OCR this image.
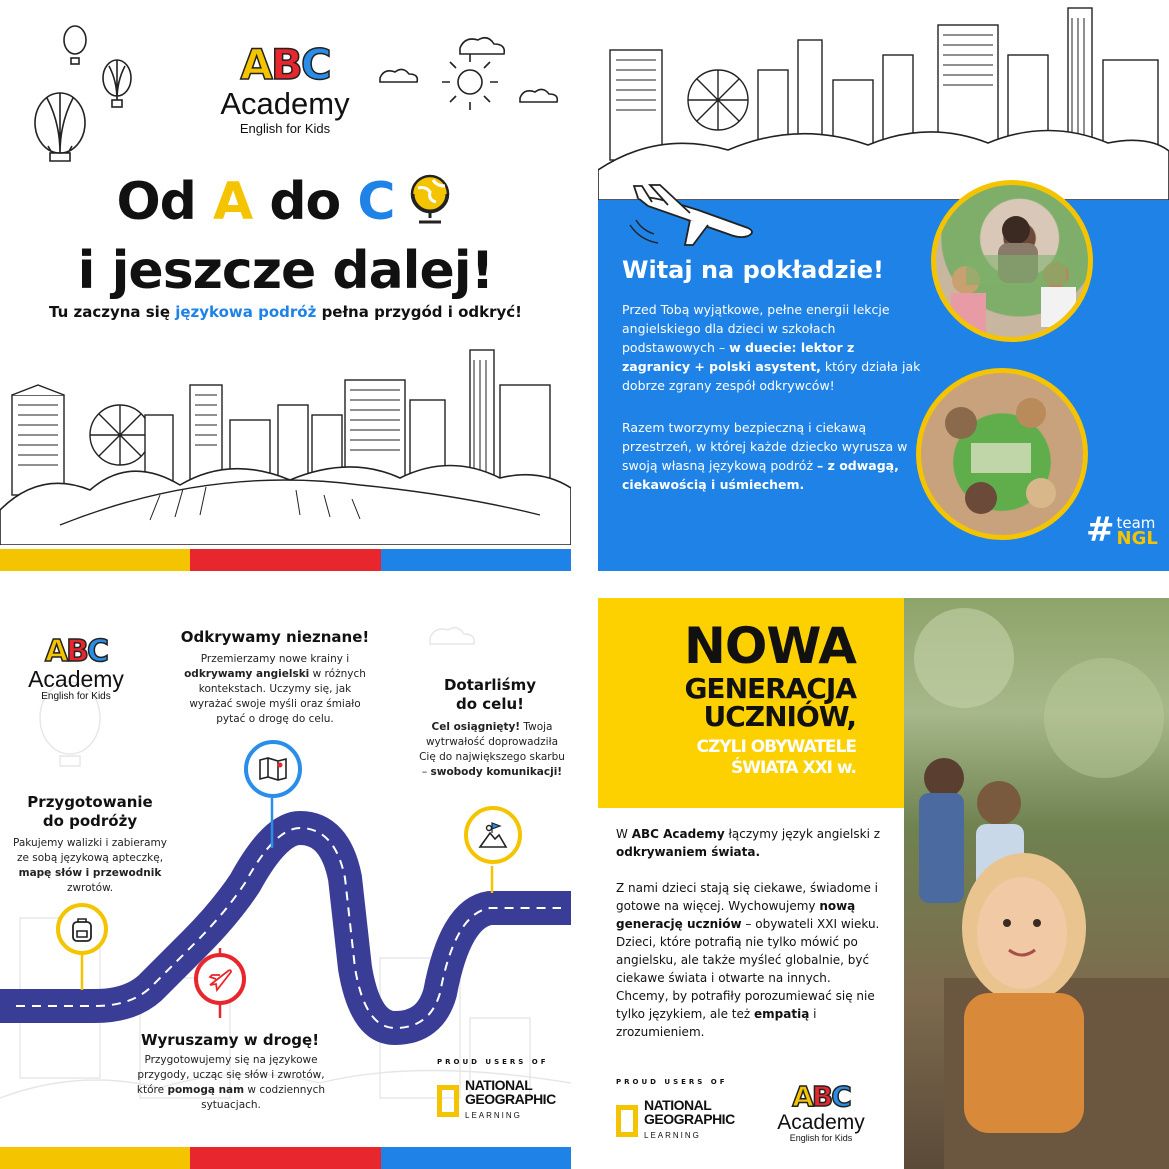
ABC
Academy
English for Kids
Od A do C
i jeszcze dalej!
Tu zaczyna się językowa podróż pełna przygód i odkryć!
Witaj na pokładzie!
Przed Tobą wyjątkowe, pełne energii lekcje angielskiego dla dzieci w szkołach podstawowych – w duecie: lektor z zagranicy + polski asystent, który działa jak dobrze zgrany zespół odkrywców!
Razem tworzymy bezpieczną i ciekawą przestrzeń, w której każde dziecko wyrusza w swoją własną językową podróż – z odwagą, ciekawością i uśmiechem.
# team
NGL
ABC
Academy
English for Kids
Przygotowanie do podróży
Pakujemy walizki i zabieramy ze sobą językową apteczkę, mapę słów i przewodnik zwrotów.
Wyruszamy w drogę!
Przygotowujemy się na językowe przygody, ucząc się słów i zwrotów, które pomogą nam w codziennych sytuacjach.
Odkrywamy nieznane!
Przemierzamy nowe krainy i odkrywamy angielski w różnych kontekstach. Uczymy się, jak wyrażać swoje myśli oraz śmiało pytać o drogę do celu.
Dotarliśmy do celu!
Cel osiągnięty! Twoja wytrwałość doprowadziła Cię do największego skarbu – swobody komunikacji!
PROUD USERS OF
NATIONAL
GEOGRAPHIC
LEARNING
NOWA
GENERACJA
UCZNIÓW,
CZYLI OBYWATELE
ŚWIATA XXI w.
W ABC Academy łączymy język angielski z odkrywaniem świata.
Z nami dzieci stają się ciekawe, świadome i gotowe na więcej. Wychowujemy nową generację uczniów – obywateli XXI wieku. Dzieci, które potrafią nie tylko mówić po angielsku, ale także myśleć globalnie, być ciekawe świata i otwarte na innych. Chcemy, by potrafiły porozumiewać się nie tylko językiem, ale też empatią i zrozumieniem.
PROUD USERS OF
NATIONAL
GEOGRAPHIC
LEARNING
ABC
Academy
English for Kids
